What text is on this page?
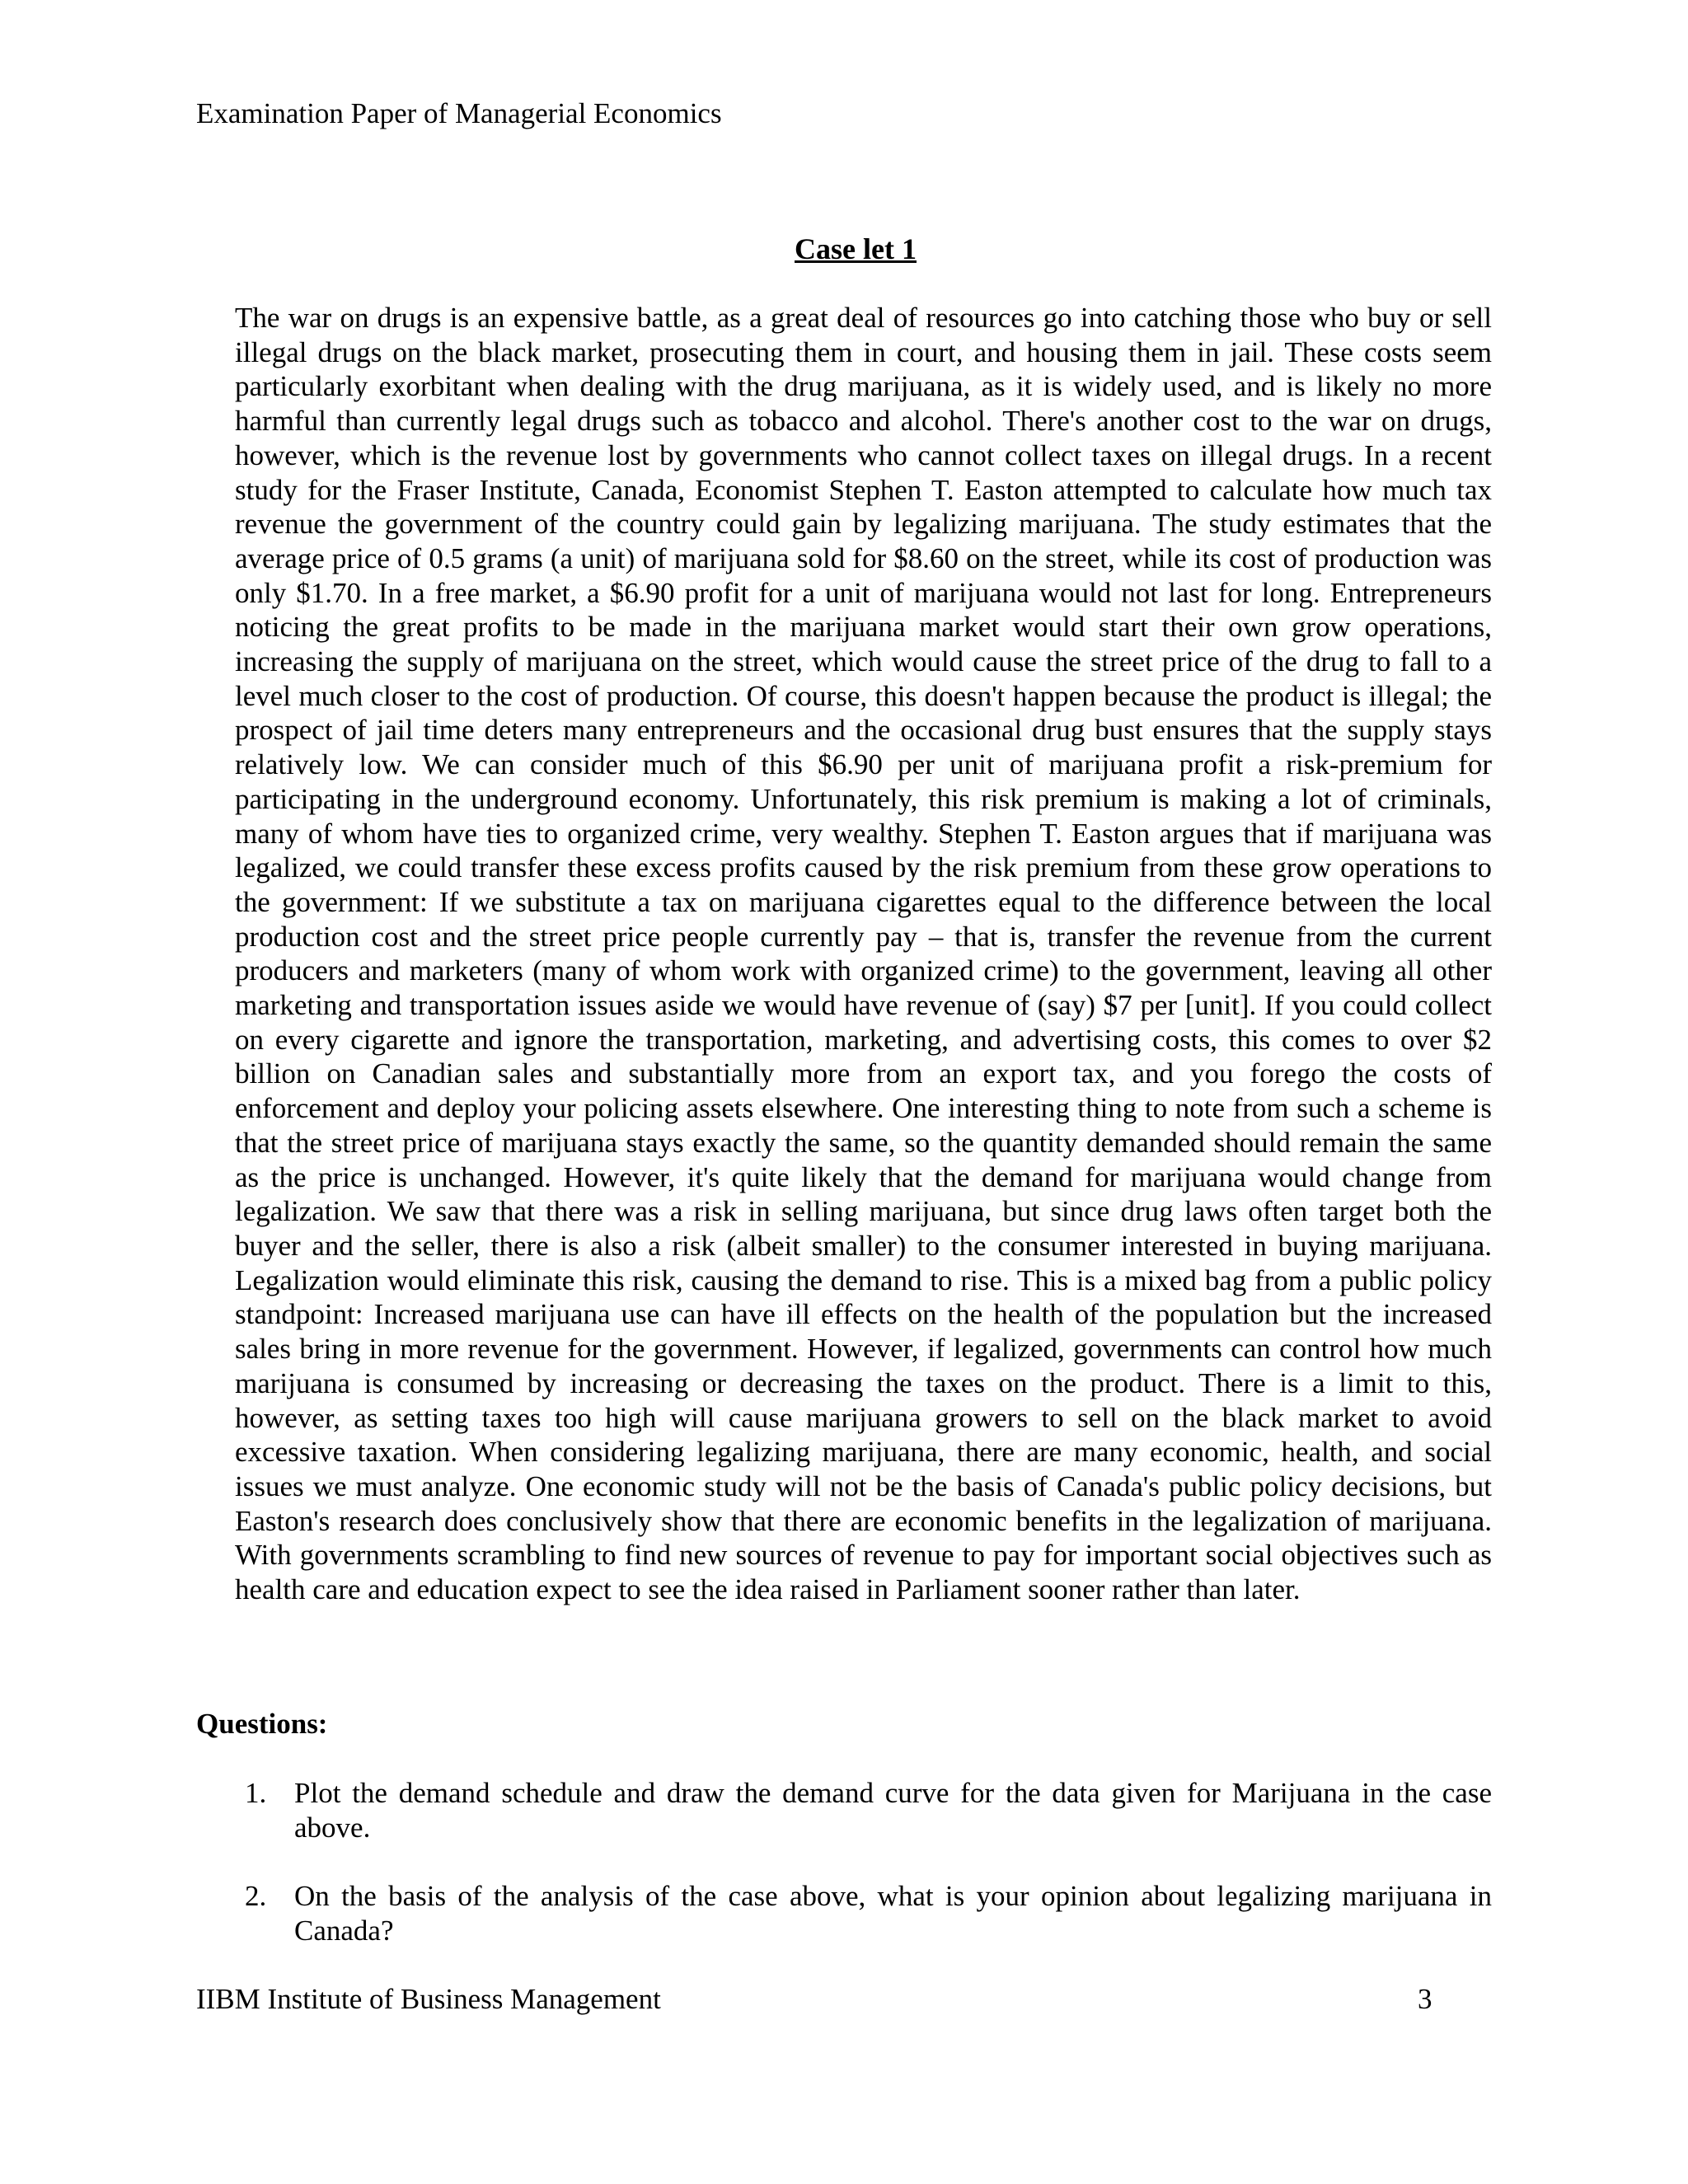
Examination Paper of Managerial Economics
Case let 1

The war on drugs is an expensive battle, as a great deal of resources go into catching those who buy or sell illegal drugs on the black market, prosecuting them in court, and housing them in jail. These costs seem particularly exorbitant when dealing with the drug marijuana, as it is widely used, and is likely no more harmful than currently legal drugs such as tobacco and alcohol. There's another cost to the war on drugs, however, which is the revenue lost by governments who cannot collect taxes on illegal drugs. In a recent study for the Fraser Institute, Canada, Economist Stephen T. Easton attempted to calculate how much tax revenue the government of the country could gain by legalizing marijuana. The study estimates that the average price of 0.5 grams (a unit) of marijuana sold for $8.60 on the street, while its cost of production was only $1.70. In a free market, a $6.90 profit for a unit of marijuana would not last for long. Entrepreneurs noticing the great profits to be made in the marijuana market would start their own grow operations, increasing the supply of marijuana on the street, which would cause the street price of the drug to fall to a level much closer to the cost of production. Of course, this doesn't happen because the product is illegal; the prospect of jail time deters many entrepreneurs and the occasional drug bust ensures that the supply stays relatively low. We can consider much of this $6.90 per unit of marijuana profit a risk-premium for participating in the underground economy. Unfortunately, this risk premium is making a lot of criminals, many of whom have ties to organized crime, very wealthy. Stephen T. Easton argues that if marijuana was legalized, we could transfer these excess profits caused by the risk premium from these grow operations to the government: If we substitute a tax on marijuana cigarettes equal to the difference between the local production cost and the street price people currently pay – that is, transfer the revenue from the current producers and marketers (many of whom work with organized crime) to the government, leaving all other marketing and transportation issues aside we would have revenue of (say) $7 per [unit]. If you could collect on every cigarette and ignore the transportation, marketing, and advertising costs, this comes to over $2 billion on Canadian sales and substantially more from an export tax, and you forego the costs of enforcement and deploy your policing assets elsewhere. One interesting thing to note from such a scheme is that the street price of marijuana stays exactly the same, so the quantity demanded should remain the same as the price is unchanged. However, it's quite likely that the demand for marijuana would change from legalization. We saw that there was a risk in selling marijuana, but since drug laws often target both the buyer and the seller, there is also a risk (albeit smaller) to the consumer interested in buying marijuana. Legalization would eliminate this risk, causing the demand to rise. This is a mixed bag from a public policy standpoint: Increased marijuana use can have ill effects on the health of the population but the increased sales bring in more revenue for the government. However, if legalized, governments can control how much marijuana is consumed by increasing or decreasing the taxes on the product. There is a limit to this, however, as setting taxes too high will cause marijuana growers to sell on the black market to avoid excessive taxation. When considering legalizing marijuana, there are many economic, health, and social issues we must analyze. One economic study will not be the basis of Canada's public policy decisions, but Easton's research does conclusively show that there are economic benefits in the legalization of marijuana. With governments scrambling to find new sources of revenue to pay for important social objectives such as health care and education expect to see the idea raised in Parliament sooner rather than later.

Questions:
1. Plot the demand schedule and draw the demand curve for the data given for Marijuana in the case above.
2. On the basis of the analysis of the case above, what is your opinion about legalizing marijuana in Canada?
IIBM Institute of Business Management	3
